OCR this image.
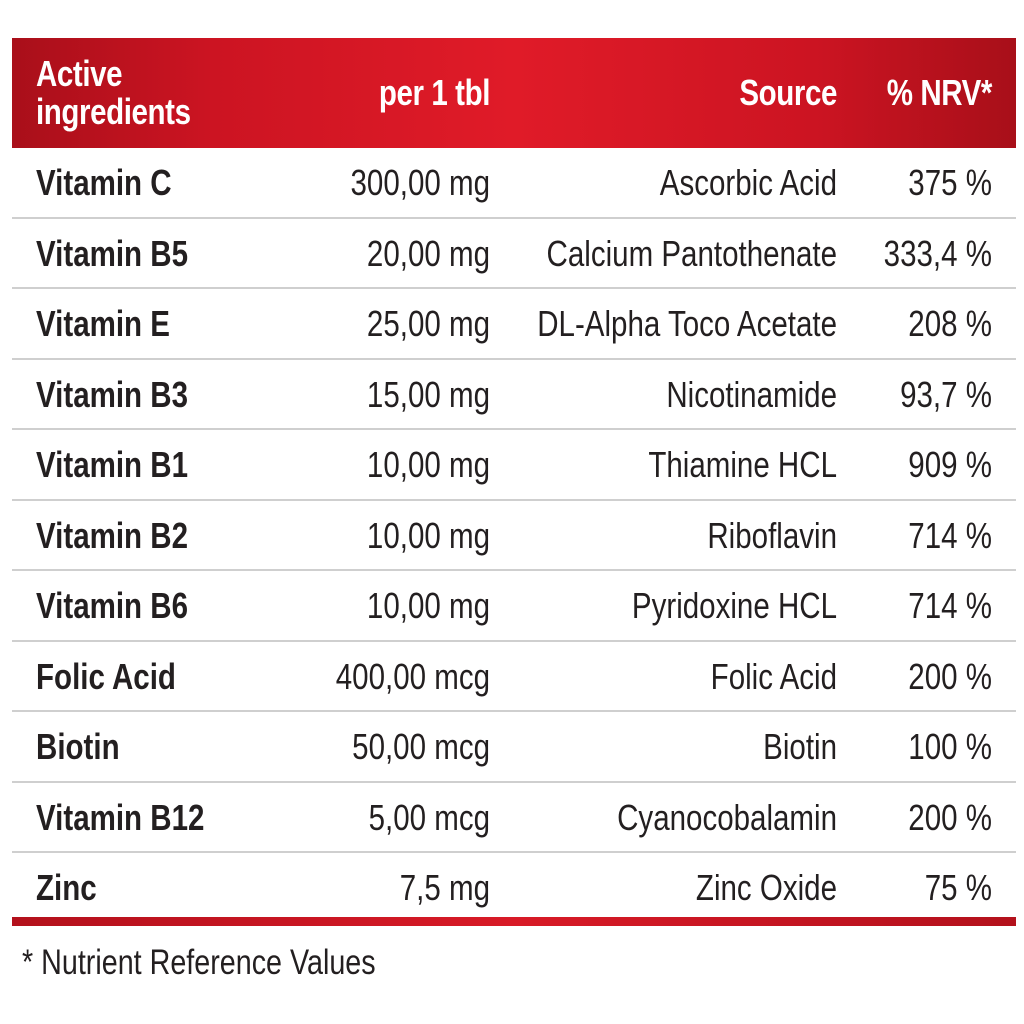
Active
ingredients	per 1 tbl	Source	% NRV*
Vitamin C	300,00 mg	Ascorbic Acid	375 %
Vitamin B5	20,00 mg	Calcium Pantothenate	333,4 %
Vitamin E	25,00 mg	DL-Alpha Toco Acetate	208 %
Vitamin B3	15,00 mg	Nicotinamide	93,7 %
Vitamin B1	10,00 mg	Thiamine HCL	909 %
Vitamin B2	10,00 mg	Riboflavin	714 %
Vitamin B6	10,00 mg	Pyridoxine HCL	714 %
Folic Acid	400,00 mcg	Folic Acid	200 %
Biotin	50,00 mcg	Biotin	100 %
Vitamin B12	5,00 mcg	Cyanocobalamin	200 %
Zinc	7,5 mg	Zinc Oxide	75 %
* Nutrient Reference Values
